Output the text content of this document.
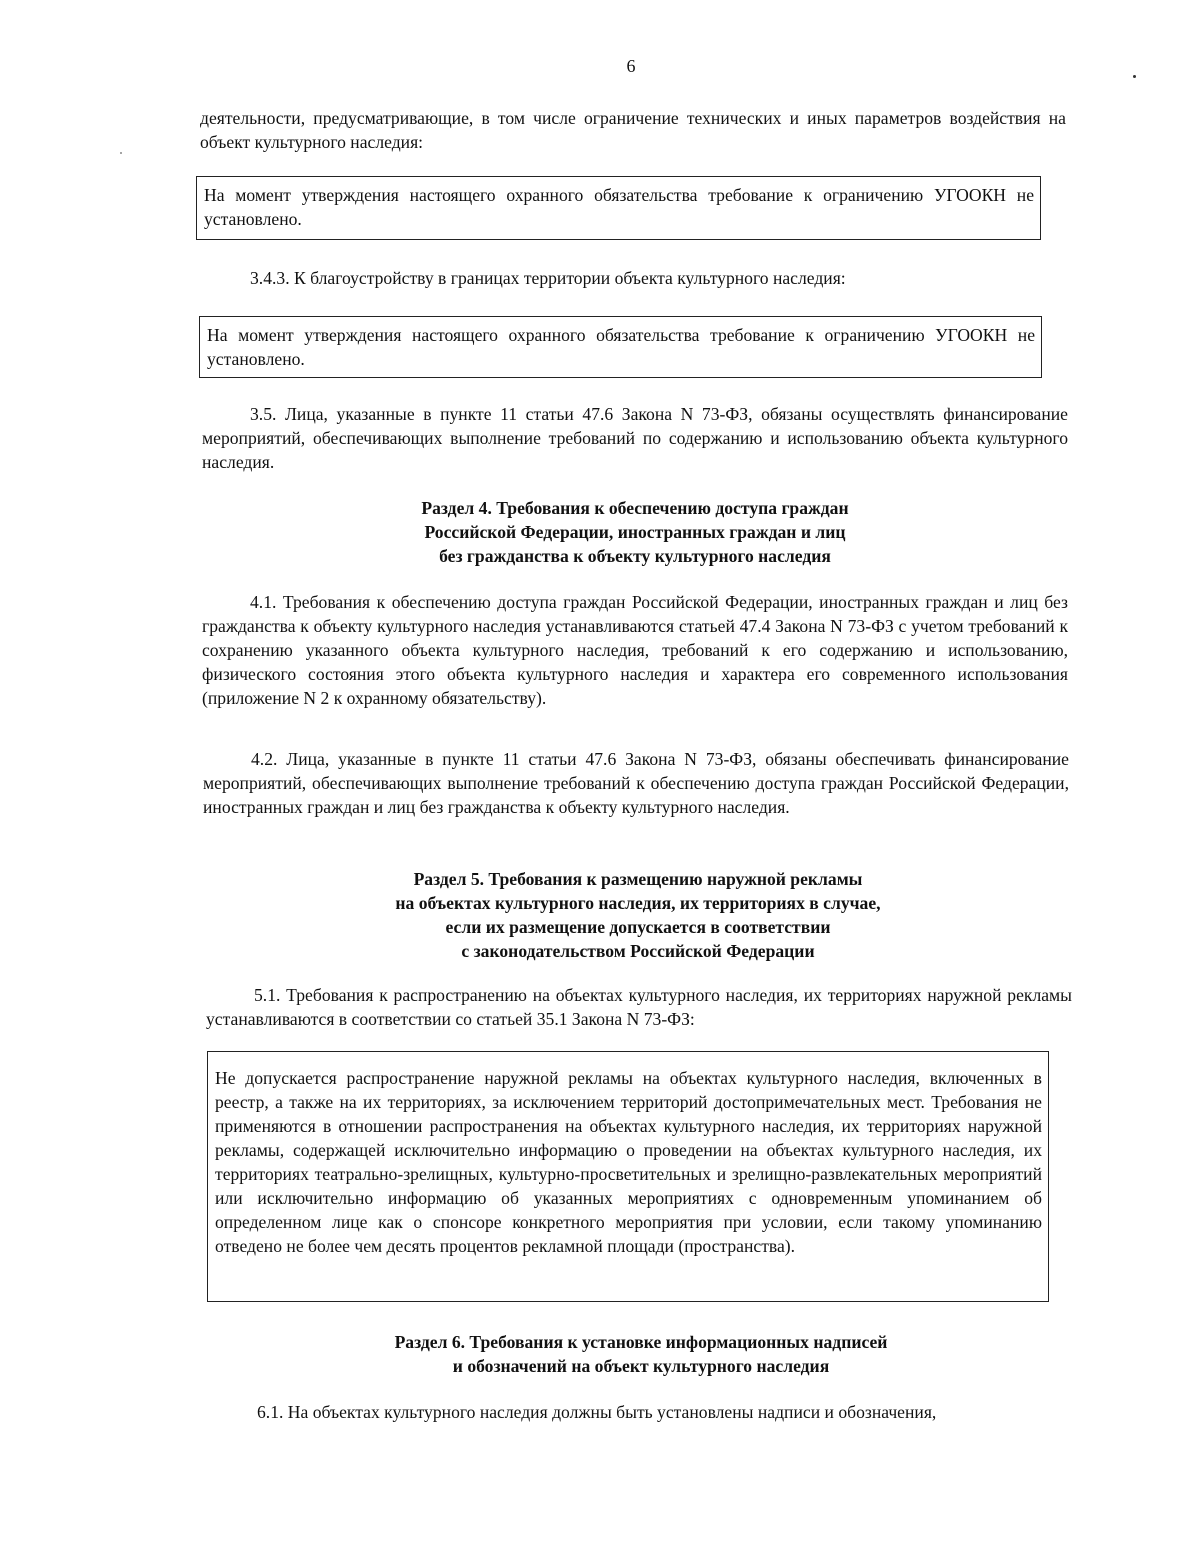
6
деятельности, предусматривающие, в том числе ограничение технических и иных параметров воздействия на объект культурного наследия:
На момент утверждения настоящего охранного обязательства требование к ограничению УГООКН не установлено.
3.4.3. К благоустройству в границах территории объекта культурного наследия:
На момент утверждения настоящего охранного обязательства требование к ограничению УГООКН не установлено.
3.5. Лица, указанные в пункте 11 статьи 47.6 Закона N 73-ФЗ, обязаны осуществлять финансирование мероприятий, обеспечивающих выполнение требований по содержанию и использованию объекта культурного наследия.
Раздел 4. Требования к обеспечению доступа граждан
Российской Федерации, иностранных граждан и лиц
без гражданства к объекту культурного наследия
4.1. Требования к обеспечению доступа граждан Российской Федерации, иностранных граждан и лиц без гражданства к объекту культурного наследия устанавливаются статьей 47.4 Закона N 73-ФЗ с учетом требований к сохранению указанного объекта культурного наследия, требований к его содержанию и использованию, физического состояния этого объекта культурного наследия и характера его современного использования (приложение N 2 к охранному обязательству).
4.2. Лица, указанные в пункте 11 статьи 47.6 Закона N 73-ФЗ, обязаны обеспечивать финансирование мероприятий, обеспечивающих выполнение требований к обеспечению доступа граждан Российской Федерации, иностранных граждан и лиц без гражданства к объекту культурного наследия.
Раздел 5. Требования к размещению наружной рекламы
на объектах культурного наследия, их территориях в случае,
если их размещение допускается в соответствии
с законодательством Российской Федерации
5.1. Требования к распространению на объектах культурного наследия, их территориях наружной рекламы устанавливаются в соответствии со статьей 35.1 Закона N 73-ФЗ:
Не допускается распространение наружной рекламы на объектах культурного наследия, включенных в реестр, а также на их территориях, за исключением территорий достопримечательных мест. Требования не применяются в отношении распространения на объектах культурного наследия, их территориях наружной рекламы, содержащей исключительно информацию о проведении на объектах культурного наследия, их территориях театрально-зрелищных, культурно-просветительных и зрелищно-развлекательных мероприятий или исключительно информацию об указанных мероприятиях с одновременным упоминанием об определенном лице как о спонсоре конкретного мероприятия при условии, если такому упоминанию отведено не более чем десять процентов рекламной площади (пространства).
Раздел 6. Требования к установке информационных надписей
и обозначений на объект культурного наследия
6.1. На объектах культурного наследия должны быть установлены надписи и обозначения,
